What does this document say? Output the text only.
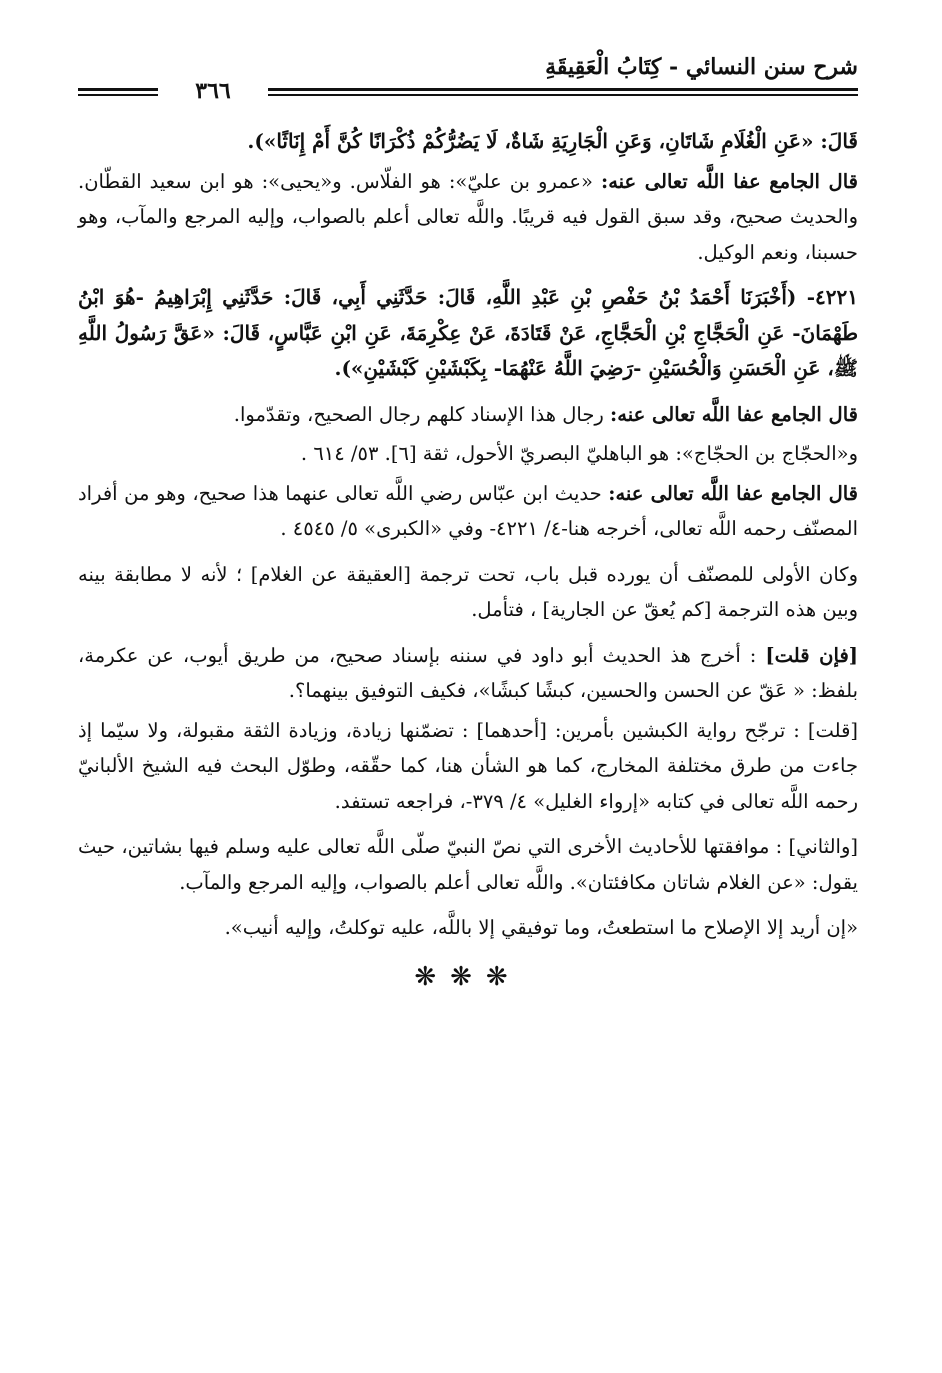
شرح سنن النسائي - كِتَابُ الْعَقِيقَةِ
٣٦٦

قَالَ: «عَنِ الْغُلَامِ شَاتَانِ، وَعَنِ الْجَارِيَةِ شَاةٌ، لَا يَضُرُّكُمْ ذُكْرَانًا كُنَّ أَمْ إِنَاثًا»).

قال الجامع عفا اللَّه تعالى عنه: «عمرو بن عليّ»: هو الفلّاس. و«يحيى»: هو ابن سعيد القطّان. والحديث صحيح، وقد سبق القول فيه قريبًا. واللَّه تعالى أعلم بالصواب، وإليه المرجع والمآب، وهو حسبنا، ونعم الوكيل.

٤٢٢١- (أَخْبَرَنَا أَحْمَدُ بْنُ حَفْصِ بْنِ عَبْدِ اللَّهِ، قَالَ: حَدَّثَنِي أَبِي، قَالَ: حَدَّثَنِي إِبْرَاهِيمُ -هُوَ ابْنُ طَهْمَانَ- عَنِ الْحَجَّاجِ بْنِ الْحَجَّاجِ، عَنْ قَتَادَةَ، عَنْ عِكْرِمَةَ، عَنِ ابْنِ عَبَّاسٍ، قَالَ: «عَقَّ رَسُولُ اللَّهِ ﷺ، عَنِ الْحَسَنِ وَالْحُسَيْنِ -رَضِيَ اللَّهُ عَنْهُمَا- بِكَبْشَيْنِ كَبْشَيْنِ»).

قال الجامع عفا اللَّه تعالى عنه: رجال هذا الإسناد كلهم رجال الصحيح، وتقدّموا.

و«الحجّاج بن الحجّاج»: هو الباهليّ البصريّ الأحول، ثقة [٦]. ٥٣/ ٦١٤ .

قال الجامع عفا اللَّه تعالى عنه: حديث ابن عبّاس رضي اللَّه تعالى عنهما هذا صحيح، وهو من أفراد المصنّف رحمه اللَّه تعالى، أخرجه هنا-٤/ ٤٢٢١- وفي «الكبرى» ٥/ ٤٥٤٥ .

وكان الأولى للمصنّف أن يورده قبل باب، تحت ترجمة [العقيقة عن الغلام] ؛ لأنه لا مطابقة بينه وبين هذه الترجمة [كم يُعقّ عن الجارية] ، فتأمل.

[فإن قلت] : أخرج هذ الحديث أبو داود في سننه بإسناد صحيح، من طريق أيوب، عن عكرمة، بلفظ: « عَقّ عن الحسن والحسين، كبشًا كبشًا»، فكيف التوفيق بينهما؟.

[قلت] : ترجّح رواية الكبشين بأمرين: [أحدهما] : تضمّنها زيادة، وزيادة الثقة مقبولة، ولا سيّما إذ جاءت من طرق مختلفة المخارج، كما هو الشأن هنا، كما حقّقه، وطوّل البحث فيه الشيخ الألبانيّ رحمه اللَّه تعالى في كتابه «إرواء الغليل» ٤/ ٣٧٩-، فراجعه تستفد.

[والثاني] : موافقتها للأحاديث الأخرى التي نصّ النبيّ صلّى اللَّه تعالى عليه وسلم فيها بشاتين، حيث يقول: «عن الغلام شاتان مكافئتان». واللَّه تعالى أعلم بالصواب، وإليه المرجع والمآب.

«إن أريد إلا الإصلاح ما استطعتُ، وما توفيقي إلا باللَّه، عليه توكلتُ، وإليه أنيب».

❋❋❋
